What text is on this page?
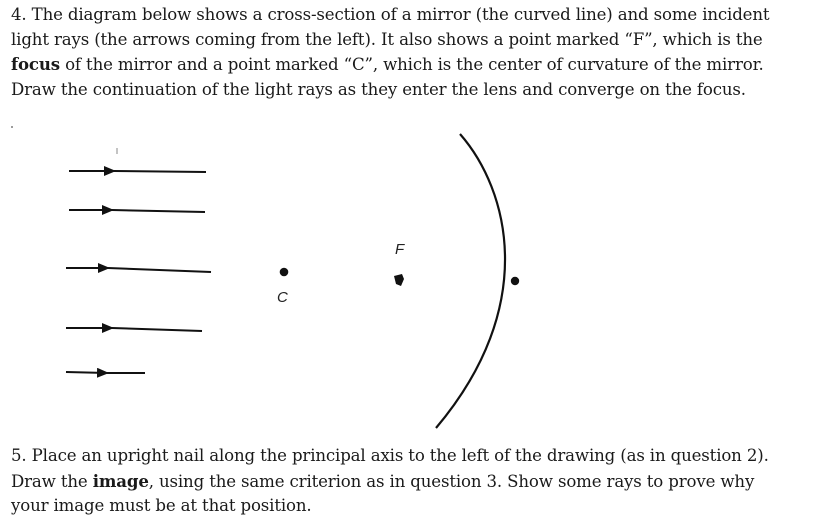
4. The diagram below shows a cross-section of a mirror (the curved line) and some incident

light rays (the arrows coming from the left). It also shows a point marked “F”, which is the

focus of the mirror and a point marked “C”, which is the center of curvature of the mirror.

Draw the continuation of the light rays as they enter the lens and converge on the focus.

C
F

5. Place an upright nail along the principal axis to the left of the drawing (as in question 2).

Draw the image, using the same criterion as in question 3. Show some rays to prove why

your image must be at that position.
